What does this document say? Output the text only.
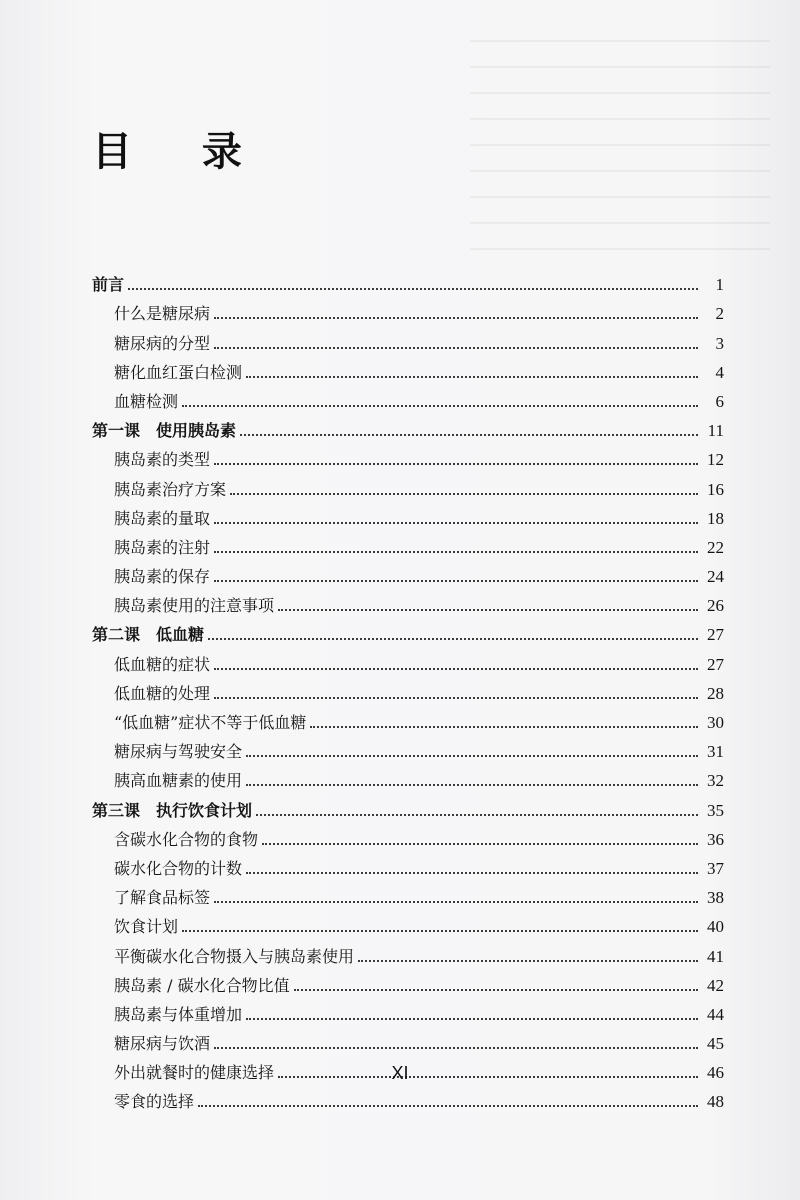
目 录
前言	1
什么是糖尿病	2
糖尿病的分型	3
糖化血红蛋白检测	4
血糖检测	6
第一课　使用胰岛素	11
胰岛素的类型	12
胰岛素治疗方案	16
胰岛素的量取	18
胰岛素的注射	22
胰岛素的保存	24
胰岛素使用的注意事项	26
第二课　低血糖	27
低血糖的症状	27
低血糖的处理	28
“低血糖”症状不等于低血糖	30
糖尿病与驾驶安全	31
胰高血糖素的使用	32
第三课　执行饮食计划	35
含碳水化合物的食物	36
碳水化合物的计数	37
了解食品标签	38
饮食计划	40
平衡碳水化合物摄入与胰岛素使用	41
胰岛素 / 碳水化合物比值	42
胰岛素与体重增加	44
糖尿病与饮酒	45
外出就餐时的健康选择	46
零食的选择	48

XI
